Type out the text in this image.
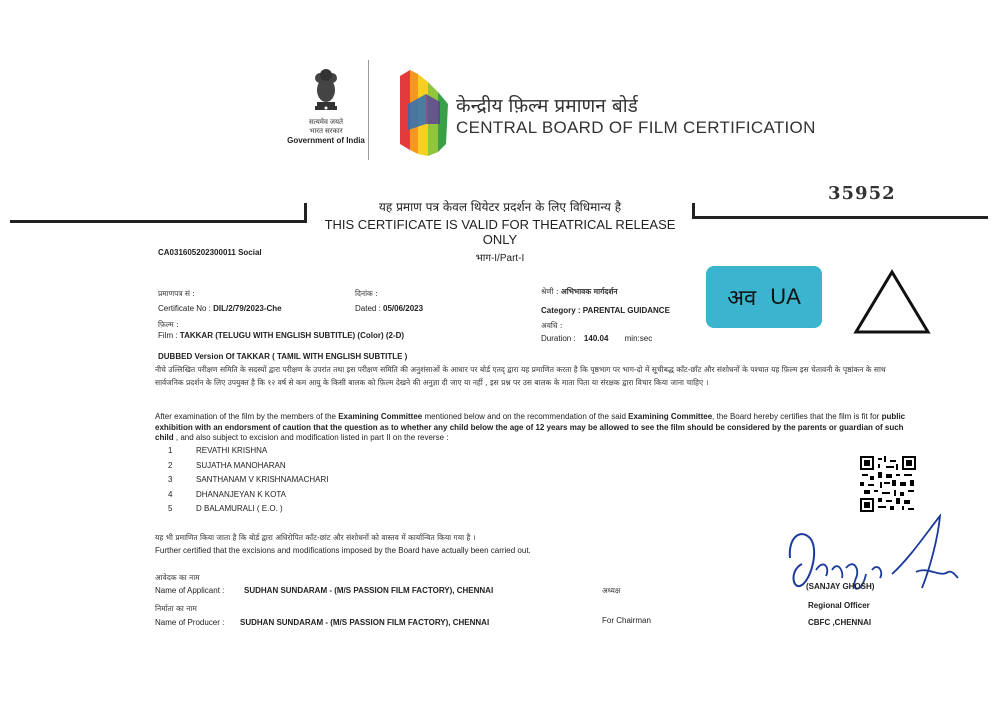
सत्यमेव जयते
भारत सरकार
Government of India
केन्द्रीय फ़िल्म प्रमाणन बोर्ड
CENTRAL BOARD OF FILM CERTIFICATION
35952
यह प्रमाण पत्र केवल थियेटर प्रदर्शन के लिए विधिमान्य है
THIS CERTIFICATE IS VALID FOR THEATRICAL RELEASE ONLY
भाग-I/Part-I
CA031605202300011 Social
प्रमाणपत्र सं :
Certificate No : DIL/2/79/2023-Che
दिनांक :
Dated : 05/06/2023
श्रेणी : अभिभावक मार्गदर्शन
Category : PARENTAL GUIDANCE
फ़िल्म :
Film : TAKKAR (TELUGU WITH ENGLISH SUBTITLE) (Color) (2-D)
अवधि :
Duration : 140.04 min:sec
अव UA
DUBBED Version Of TAKKAR ( TAMIL WITH ENGLISH SUBTITLE )
नीचे उल्लिखित परीक्षण समिति के सदस्यों द्वारा परीक्षण के उपरांत तथा इस परीक्षण समिति की अनुशंसाओं के आधार पर बोर्ड एतद् द्वारा यह प्रमाणित करता है कि पृष्ठभाग पर भाग-दो में सूचीबद्ध काँट-छाँट और संशोधनों के पश्चात यह फ़िल्म इस चेतावनी के पृष्ठांकन के साथ सार्वजनिक प्रदर्शन के लिए उपयुक्त है कि १२ वर्ष से कम आयु के किसी बालक को फ़िल्म देखने की अनुज्ञा दी जाए या नहीं , इस प्रश्न पर उस बालक के माता पिता या संरक्षक द्वारा विचार किया जाना चाहिए ।
After examination of the film by the members of the Examining Committee mentioned below and on the recommendation of the said Examining Committee, the Board hereby certifies that the film is fit for public exhibition with an endorsment of caution that the question as to whether any child below the age of 12 years may be allowed to see the film should be considered by the parents or guardian of such child , and also subject to excision and modification listed in part II on the reverse :
1	REVATHI KRISHNA
2	SUJATHA MANOHARAN
3	SANTHANAM V KRISHNAMACHARI
4	DHANANJEYAN K KOTA
5	D BALAMURALI ( E.O. )
यह भी प्रमाणित किया जाता है कि बोर्ड द्वारा अधिरोपित काँट-छांट और संशोधनों को वास्तव में कार्यान्वित किया गया है ।
Further certified that the excisions and modifications imposed by the Board have actually been carried out.
आवेदक का नाम
Name of Applicant : SUDHAN SUNDARAM - (M/S PASSION FILM FACTORY), CHENNAI
निर्माता का नाम
Name of Producer : SUDHAN SUNDARAM - (M/S PASSION FILM FACTORY), CHENNAI
अध्यक्ष
For Chairman
(SANJAY GHOSH)
Regional Officer
CBFC ,CHENNAI
